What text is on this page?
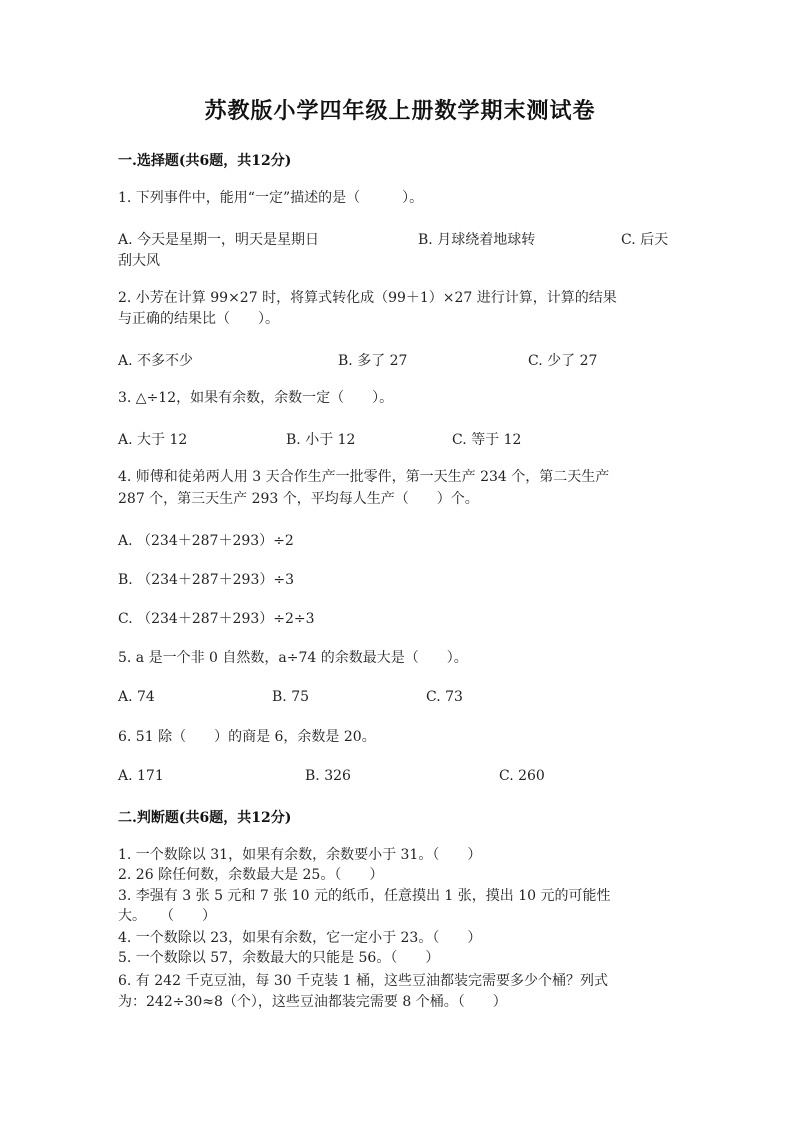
苏教版小学四年级上册数学期末测试卷
一.选择题(共6题，共12分)
1. 下列事件中，能用“一定”描述的是（　　　）。
A. 今天是星期一，明天是星期日	B. 月球绕着地球转	C. 后天
刮大风
2. 小芳在计算 99×27 时，将算式转化成（99＋1）×27 进行计算，计算的结果
与正确的结果比（　　）。
A. 不多不少	B. 多了 27	C. 少了 27
3. △÷12，如果有余数，余数一定（　　）。
A. 大于 12	B. 小于 12	C. 等于 12
4. 师傅和徒弟两人用 3 天合作生产一批零件，第一天生产 234 个，第二天生产
287 个，第三天生产 293 个，平均每人生产（　　）个。
A. （234＋287＋293）÷2
B. （234＋287＋293）÷3
C. （234＋287＋293）÷2÷3
5. a 是一个非 0 自然数，a÷74 的余数最大是（　　）。
A. 74	B. 75	C. 73
6. 51 除（　　）的商是 6，余数是 20。
A. 171	B. 326	C. 260
二.判断题(共6题，共12分)
1. 一个数除以 31，如果有余数，余数要小于 31。（　　）
2. 26 除任何数，余数最大是 25。（　　）
3. 李强有 3 张 5 元和 7 张 10 元的纸币，任意摸出 1 张，摸出 10 元的可能性
大。　　（　　）
4. 一个数除以 23，如果有余数，它一定小于 23。（　　）
5. 一个数除以 57，余数最大的只能是 56。（　　）
6. 有 242 千克豆油，每 30 千克装 1 桶，这些豆油都装完需要多少个桶？列式
为：242÷30≈8（个），这些豆油都装完需要 8 个桶。（　　）
